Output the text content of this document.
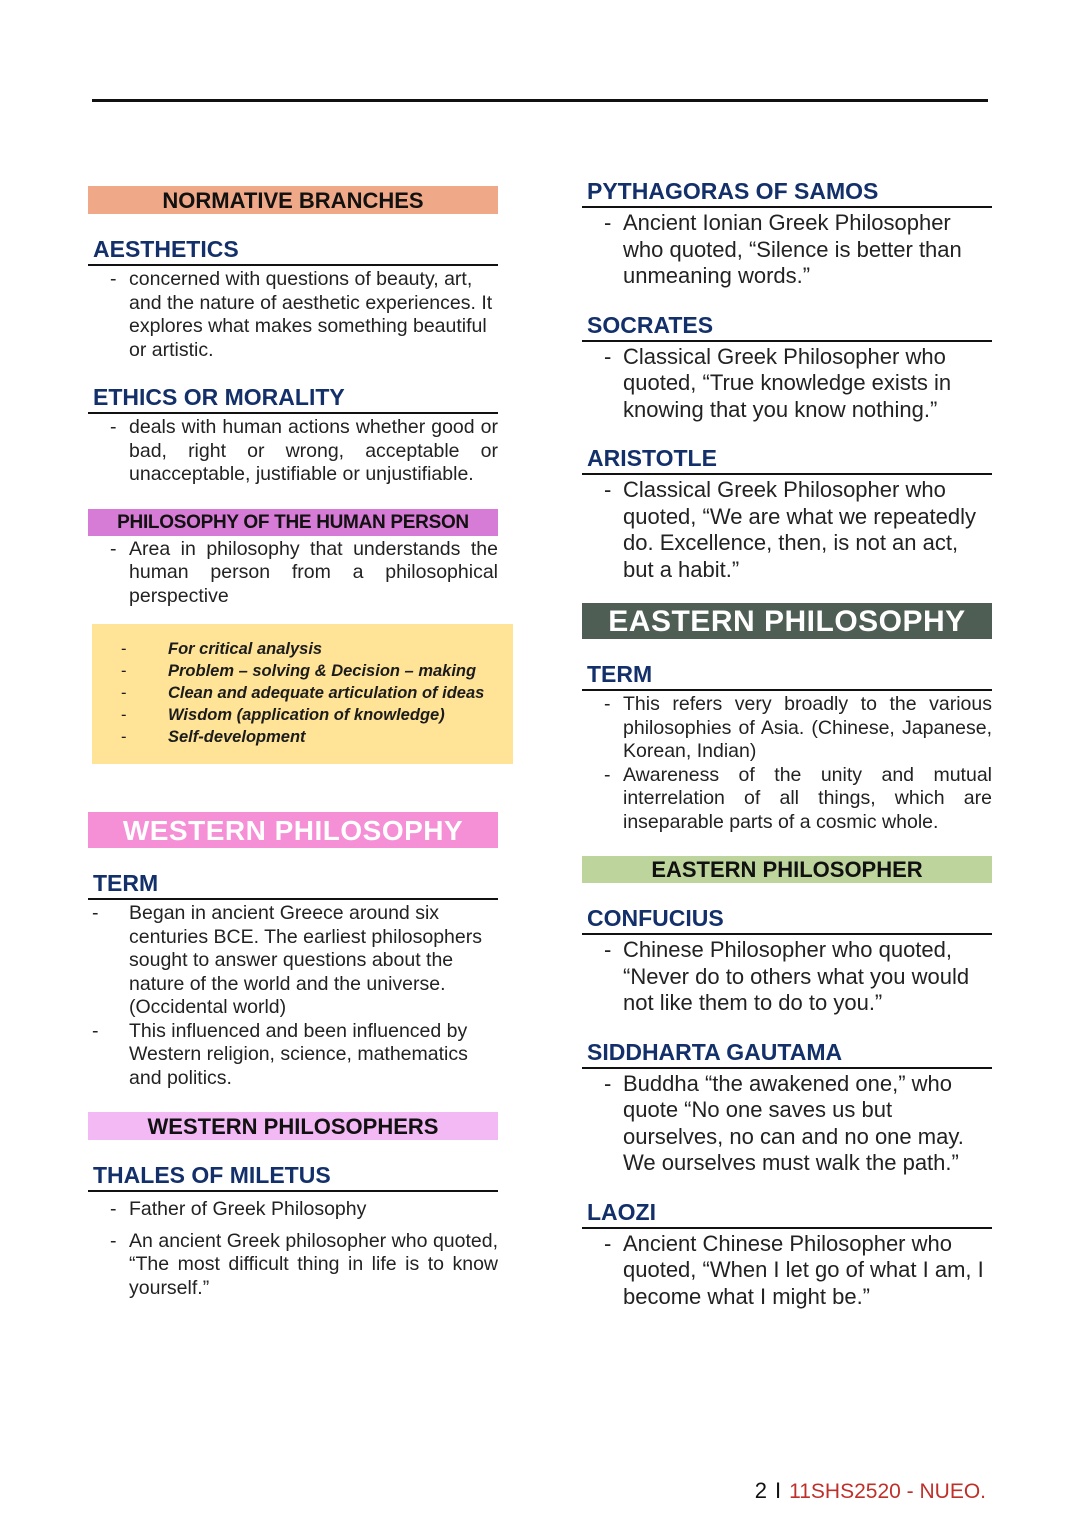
NORMATIVE BRANCHES
AESTHETICS
- concerned with questions of beauty, art, and the nature of aesthetic experiences. It explores what makes something beautiful or artistic.
ETHICS OR MORALITY
- deals with human actions whether good or bad, right or wrong, acceptable or unacceptable, justifiable or unjustifiable.
PHILOSOPHY OF THE HUMAN PERSON
- Area in philosophy that understands the human person from a philosophical perspective
- For critical analysis
- Problem – solving & Decision – making
- Clean and adequate articulation of ideas
- Wisdom (application of knowledge)
- Self-development
WESTERN PHILOSOPHY
TERM
- Began in ancient Greece around six centuries BCE. The earliest philosophers sought to answer questions about the nature of the world and the universe. (Occidental world)
- This influenced and been influenced by Western religion, science, mathematics and politics.
WESTERN PHILOSOPHERS
THALES OF MILETUS
- Father of Greek Philosophy
- An ancient Greek philosopher who quoted, “The most difficult thing in life is to know yourself.”
PYTHAGORAS OF SAMOS
- Ancient Ionian Greek Philosopher who quoted, “Silence is better than unmeaning words.”
SOCRATES
- Classical Greek Philosopher who quoted, “True knowledge exists in knowing that you know nothing.”
ARISTOTLE
- Classical Greek Philosopher who quoted, “We are what we repeatedly do. Excellence, then, is not an act, but a habit.”
EASTERN PHILOSOPHY
TERM
- This refers very broadly to the various philosophies of Asia. (Chinese, Japanese, Korean, Indian)
- Awareness of the unity and mutual interrelation of all things, which are inseparable parts of a cosmic whole.
EASTERN PHILOSOPHER
CONFUCIUS
- Chinese Philosopher who quoted, “Never do to others what you would not like them to do to you.”
SIDDHARTA GAUTAMA
- Buddha “the awakened one,” who quote “No one saves us but ourselves, no can and no one may. We ourselves must walk the path.”
LAOZI
- Ancient Chinese Philosopher who quoted, “When I let go of what I am, I become what I might be.”
2 I 11SHS2520 - NUEO.
